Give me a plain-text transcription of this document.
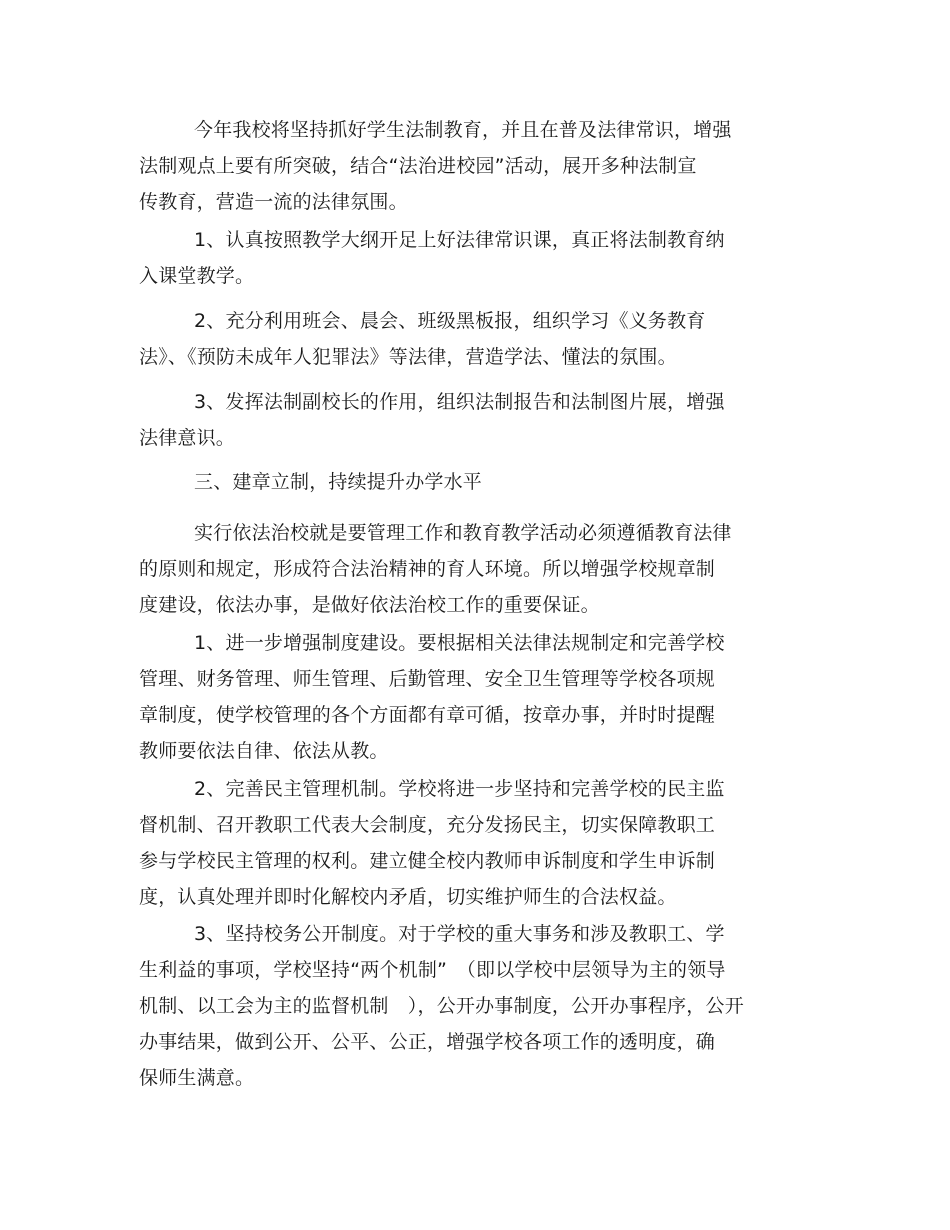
今年我校将坚持抓好学生法制教育，并且在普及法律常识，增强
法制观点上要有所突破，结合“法治进校园”活动，展开多种法制宣
传教育，营造一流的法律氛围。

1、认真按照教学大纲开足上好法律常识课，真正将法制教育纳
入课堂教学。

2、充分利用班会、晨会、班级黑板报，组织学习《义务教育
法》、《预防未成年人犯罪法》等法律，营造学法、懂法的氛围。

3、发挥法制副校长的作用，组织法制报告和法制图片展，增强
法律意识。

三、建章立制，持续提升办学水平

实行依法治校就是要管理工作和教育教学活动必须遵循教育法律
的原则和规定，形成符合法治精神的育人环境。所以增强学校规章制
度建设，依法办事，是做好依法治校工作的重要保证。

1、进一步增强制度建设。要根据相关法律法规制定和完善学校
管理、财务管理、师生管理、后勤管理、安全卫生管理等学校各项规
章制度，使学校管理的各个方面都有章可循，按章办事，并时时提醒
教师要依法自律、依法从教。

2、完善民主管理机制。学校将进一步坚持和完善学校的民主监
督机制、召开教职工代表大会制度，充分发扬民主，切实保障教职工
参与学校民主管理的权利。建立健全校内教师申诉制度和学生申诉制
度，认真处理并即时化解校内矛盾，切实维护师生的合法权益。

3、坚持校务公开制度。对于学校的重大事务和涉及教职工、学
生利益的事项，学校坚持“两个机制”　（即以学校中层领导为主的领导
机制、以工会为主的监督机制　），公开办事制度，公开办事程序，公开
办事结果，做到公开、公平、公正，增强学校各项工作的透明度，确
保师生满意。
